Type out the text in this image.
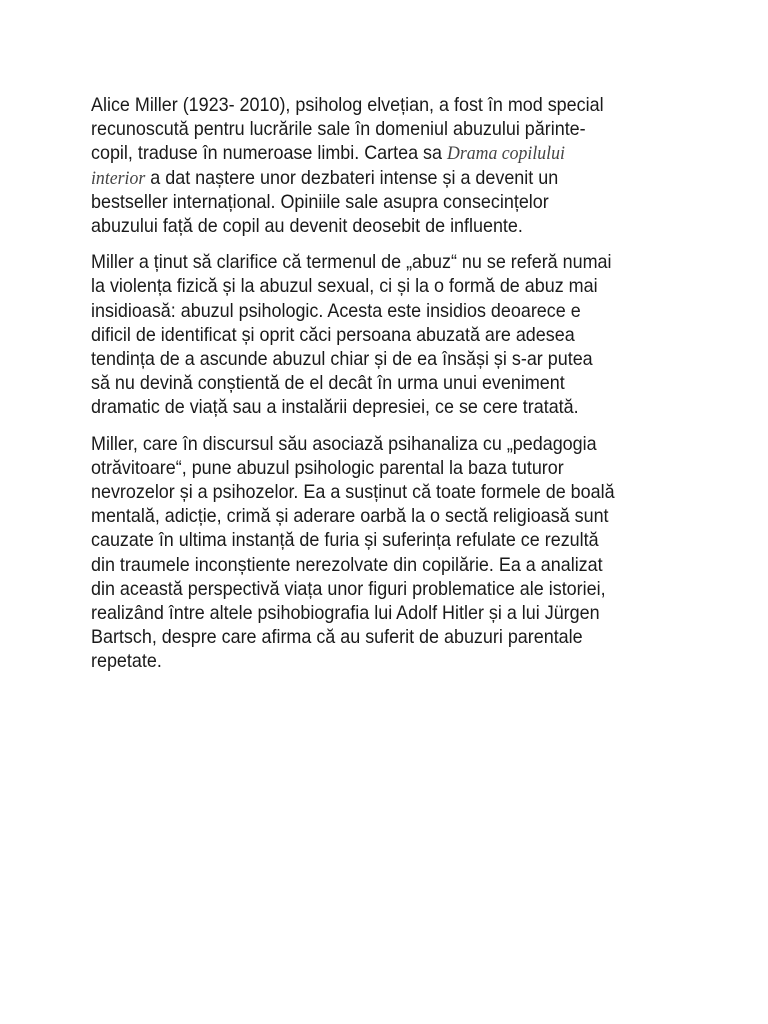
Alice Miller (1923- 2010), psiholog elvețian, a fost în mod special
recunoscută pentru lucrările sale în domeniul abuzului părinte-
copil, traduse în numeroase limbi. Cartea sa Drama copilului
interior a dat naștere unor dezbateri intense și a devenit un
bestseller internațional. Opiniile sale asupra consecințelor
abuzului față de copil au devenit deosebit de influente.

Miller a ținut să clarifice că termenul de „abuz“ nu se referă numai
la violența fizică și la abuzul sexual, ci și la o formă de abuz mai
insidioasă: abuzul psihologic. Acesta este insidios deoarece e
dificil de identificat și oprit căci persoana abuzată are adesea
tendința de a ascunde abuzul chiar și de ea însăși și s-ar putea
să nu devină conștientă de el decât în urma unui eveniment
dramatic de viață sau a instalării depresiei, ce se cere tratată.

Miller, care în discursul său asociază psihanaliza cu „pedagogia
otrăvitoare“, pune abuzul psihologic parental la baza tuturor
nevrozelor și a psihozelor. Ea a susținut că toate formele de boală
mentală, adicție, crimă și aderare oarbă la o sectă religioasă sunt
cauzate în ultima instanță de furia și suferința refulate ce rezultă
din traumele inconștiente nerezolvate din copilărie. Ea a analizat
din această perspectivă viața unor figuri problematice ale istoriei,
realizând între altele psihobiografia lui Adolf Hitler și a lui Jürgen
Bartsch, despre care afirma că au suferit de abuzuri parentale
repetate.
